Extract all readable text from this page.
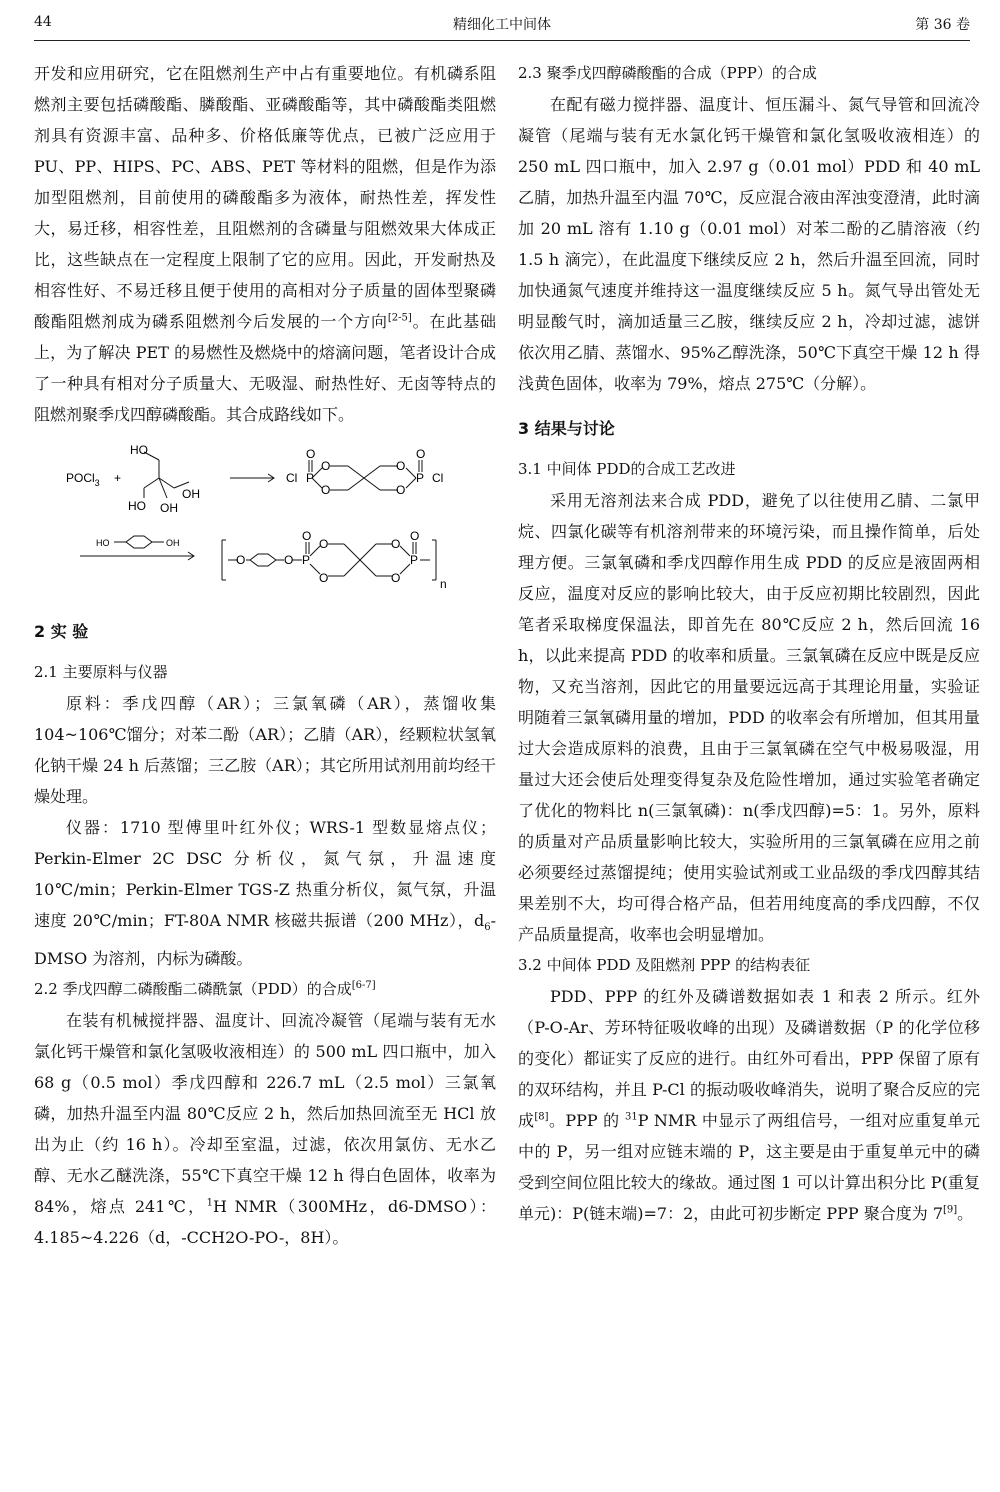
44	精细化工中间体	第 36 卷

开发和应用研究，它在阻燃剂生产中占有重要地位。有机磷系阻燃剂主要包括磷酸酯、膦酸酯、亚磷酸酯等，其中磷酸酯类阻燃剂具有资源丰富、品种多、价格低廉等优点，已被广泛应用于 PU、PP、HIPS、PC、ABS、PET 等材料的阻燃，但是作为添加型阻燃剂，目前使用的磷酸酯多为液体，耐热性差，挥发性大，易迁移，相容性差，且阻燃剂的含磷量与阻燃效果大体成正比，这些缺点在一定程度上限制了它的应用。因此，开发耐热及相容性好、不易迁移且便于使用的高相对分子质量的固体型聚磷酸酯阻燃剂成为磷系阻燃剂今后发展的一个方向[2-5]。在此基础上，为了解决 PET 的易燃性及燃烧中的熔滴问题，笔者设计合成了一种具有相对分子质量大、无吸湿、耐热性好、无卤等特点的阻燃剂聚季戊四醇磷酸酯。其合成路线如下。

POCl$_3$ +
HO
HO
OH
OH
Cl P
O
O
O
O
O
O
P Cl
HO	OH
O	O P
O
O
O
O
O
P
O
n
2 实 验
2.1 主要原料与仪器

原料：季戊四醇（AR）；三氯氧磷（AR），蒸馏收集 104~106℃馏分；对苯二酚（AR）；乙腈（AR），经颗粒状氢氧化钠干燥 24 h 后蒸馏；三乙胺（AR）；其它所用试剂用前均经干燥处理。

仪器：1710 型傅里叶红外仪；WRS-1 型数显熔点仪；Perkin-Elmer 2C DSC 分析仪，氮气氛，升温速度 10℃/min；Perkin-Elmer TGS-Z 热重分析仪，氮气氛，升温速度 20℃/min；FT-80A NMR 核磁共振谱（200 MHz），$d_6$-DMSO 为溶剂，内标为磷酸。

2.2 季戊四醇二磷酸酯二磷酰氯（PDD）的合成[6-7]

在装有机械搅拌器、温度计、回流冷凝管（尾端与装有无水氯化钙干燥管和氯化氢吸收液相连）的 500 mL 四口瓶中，加入 68 g（0.5 mol）季戊四醇和 226.7 mL（2.5 mol）三氯氧磷，加热升温至内温 80℃反应 2 h，然后加热回流至无 HCl 放出为止（约 16 h）。冷却至室温，过滤，依次用氯仿、无水乙醇、无水乙醚洗涤，55℃下真空干燥 12 h 得白色固体，收率为 84%，熔点 241℃，$^1$H NMR（300MHz，d6-DMSO）：4.185~4.226（d，-CCH2O-PO-，8H）。

2.3 聚季戊四醇磷酸酯的合成（PPP）的合成

在配有磁力搅拌器、温度计、恒压漏斗、氮气导管和回流冷凝管（尾端与装有无水氯化钙干燥管和氯化氢吸收液相连）的 250 mL 四口瓶中，加入 2.97 g（0.01 mol）PDD 和 40 mL 乙腈，加热升温至内温 70℃，反应混合液由浑浊变澄清，此时滴加 20 mL 溶有 1.10 g（0.01 mol）对苯二酚的乙腈溶液（约 1.5 h 滴完），在此温度下继续反应 2 h，然后升温至回流，同时加快通氮气速度并维持这一温度继续反应 5 h。氮气导出管处无明显酸气时，滴加适量三乙胺，继续反应 2 h，冷却过滤，滤饼依次用乙腈、蒸馏水、95%乙醇洗涤，50℃下真空干燥 12 h 得浅黄色固体，收率为 79%，熔点 275℃（分解）。

3 结果与讨论
3.1 中间体 PDD的合成工艺改进

采用无溶剂法来合成 PDD，避免了以往使用乙腈、二氯甲烷、四氯化碳等有机溶剂带来的环境污染，而且操作简单，后处理方便。三氯氧磷和季戊四醇作用生成 PDD 的反应是液固两相反应，温度对反应的影响比较大，由于反应初期比较剧烈，因此笔者采取梯度保温法，即首先在 80℃反应 2 h，然后回流 16 h，以此来提高 PDD 的收率和质量。三氯氧磷在反应中既是反应物，又充当溶剂，因此它的用量要远远高于其理论用量，实验证明随着三氯氧磷用量的增加，PDD 的收率会有所增加，但其用量过大会造成原料的浪费，且由于三氯氧磷在空气中极易吸湿，用量过大还会使后处理变得复杂及危险性增加，通过实验笔者确定了优化的物料比 n(三氯氧磷)：n(季戊四醇)=5：1。另外，原料的质量对产品质量影响比较大，实验所用的三氯氧磷在应用之前必须要经过蒸馏提纯；使用实验试剂或工业品级的季戊四醇其结果差别不大，均可得合格产品，但若用纯度高的季戊四醇，不仅产品质量提高，收率也会明显增加。

3.2 中间体 PDD 及阻燃剂 PPP 的结构表征

PDD、PPP 的红外及磷谱数据如表 1 和表 2 所示。红外（P-O-Ar、芳环特征吸收峰的出现）及磷谱数据（P 的化学位移的变化）都证实了反应的进行。由红外可看出，PPP 保留了原有的双环结构，并且 P-Cl 的振动吸收峰消失，说明了聚合反应的完成[8]。PPP 的 $^{31}$P NMR 中显示了两组信号，一组对应重复单元中的 P，另一组对应链末端的 P，这主要是由于重复单元中的磷受到空间位阻比较大的缘故。通过图 1 可以计算出积分比 P(重复单元)：P(链末端)=7：2，由此可初步断定 PPP 聚合度为 7[9]。
